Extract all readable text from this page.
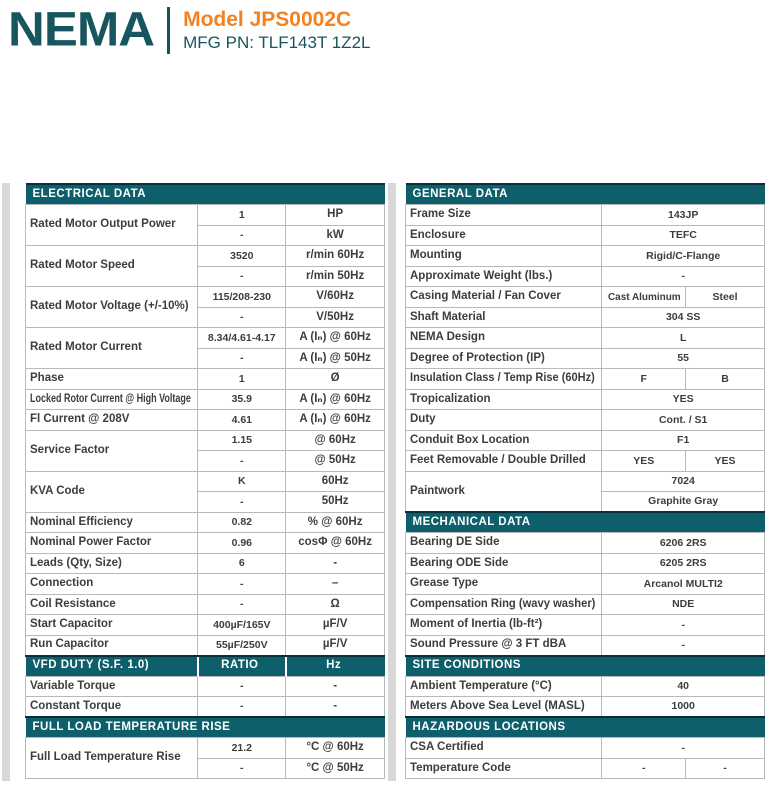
NEMA Model JPS0002C
MFG PN: TLF143T 1Z2L
ELECTRICAL DATA		
Rated Motor Output Power	1	HP
	-	kW
Rated Motor Speed	3520	r/min 60Hz
	-	r/min 50Hz
Rated Motor Voltage (+/-10%)	115/208-230	V/60Hz
	-	V/50Hz
Rated Motor Current	8.34/4.61-4.17	A (Iₙ) @ 60Hz
	-	A (Iₙ) @ 50Hz
Phase	1	Ø
Locked Rotor Current @ High Voltage	35.9	A (Iₙ) @ 60Hz
Fl Current @ 208V	4.61	A (Iₙ) @ 60Hz
Service Factor	1.15	@ 60Hz
	-	@ 50Hz
KVA Code	K	60Hz
	-	50Hz
Nominal Efficiency	0.82	% @ 60Hz
Nominal Power Factor	0.96	cosΦ @ 60Hz
Leads (Qty, Size)	6	-
Connection	-	–
Coil Resistance	-	Ω
Start Capacitor	400µF/165V	µF/V
Run Capacitor	55µF/250V	µF/V
VFD DUTY (S.F. 1.0)	RATIO	Hz
Variable Torque	-	-
Constant Torque	-	-
FULL LOAD TEMPERATURE RISE		
Full Load Temperature Rise	21.2	°C @ 60Hz
	-	°C @ 50Hz
GENERAL DATA		
Frame Size	143JP	
Enclosure	TEFC	
Mounting	Rigid/C-Flange	
Approximate Weight (lbs.)	-	
Casing Material / Fan Cover	Cast Aluminum	Steel
Shaft Material	304 SS	
NEMA Design	L	
Degree of Protection (IP)	55	
Insulation Class / Temp Rise (60Hz)	F	B
Tropicalization	YES	
Duty	Cont. / S1	
Conduit Box Location	F1	
Feet Removable / Double Drilled	YES	YES
Paintwork	7024	
	Graphite Gray	
MECHANICAL DATA		
Bearing DE Side	6206 2RS	
Bearing ODE Side	6205 2RS	
Grease Type	Arcanol MULTI2	
Compensation Ring (wavy washer)	NDE	
Moment of Inertia (lb-ft²)	-	
Sound Pressure @ 3 FT dBA	-	
SITE CONDITIONS		
Ambient Temperature (°C)	40	
Meters Above Sea Level (MASL)	1000	
HAZARDOUS LOCATIONS		
CSA Certified	-	
Temperature Code	-	-
